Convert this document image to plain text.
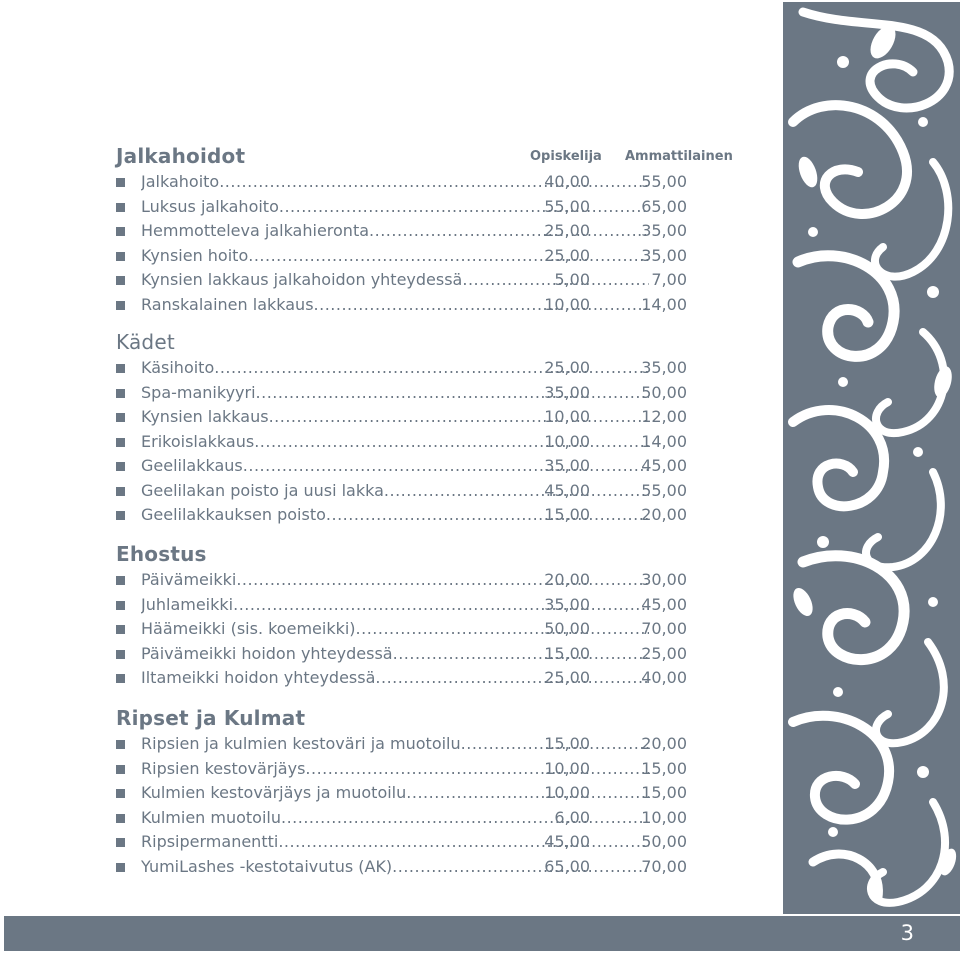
Opiskelija Ammattilainen
Jalkahoidot
Jalkahoito .....	40,00	55,00
Luksus jalkahoito .....	55,00	65,00
Hemmotteleva jalkahieronta .....	25,00	35,00
Kynsien hoito .....	25,00	35,00
Kynsien lakkaus jalkahoidon yhteydessä .....	5,00	7,00
Ranskalainen lakkaus .....	10,00	14,00
Kädet
Käsihoito .....	25,00	35,00
Spa-manikyyri .....	35,00	50,00
Kynsien lakkaus .....	10,00	12,00
Erikoislakkaus .....	10,00	14,00
Geelilakkaus .....	35,00	45,00
Geelilakan poisto ja uusi lakka .....	45,00	55,00
Geelilakkauksen poisto .....	15,00	20,00
Ehostus
Päivämeikki .....	20,00	30,00
Juhlameikki .....	35,00	45,00
Häämeikki (sis. koemeikki) .....	50,00	70,00
Päivämeikki hoidon yhteydessä .....	15,00	25,00
Iltameikki hoidon yhteydessä .....	25,00	40,00
Ripset ja Kulmat
Ripsien ja kulmien kestoväri ja muotoilu .....	15,00	20,00
Ripsien kestovärjäys .....	10,00	15,00
Kulmien kestovärjäys ja muotoilu .....	10,00	15,00
Kulmien muotoilu .....	6,00	10,00
Ripsipermanentti .....	45,00	50,00
YumiLashes -kestotaivutus (AK) .....	65,00	70,00
3
